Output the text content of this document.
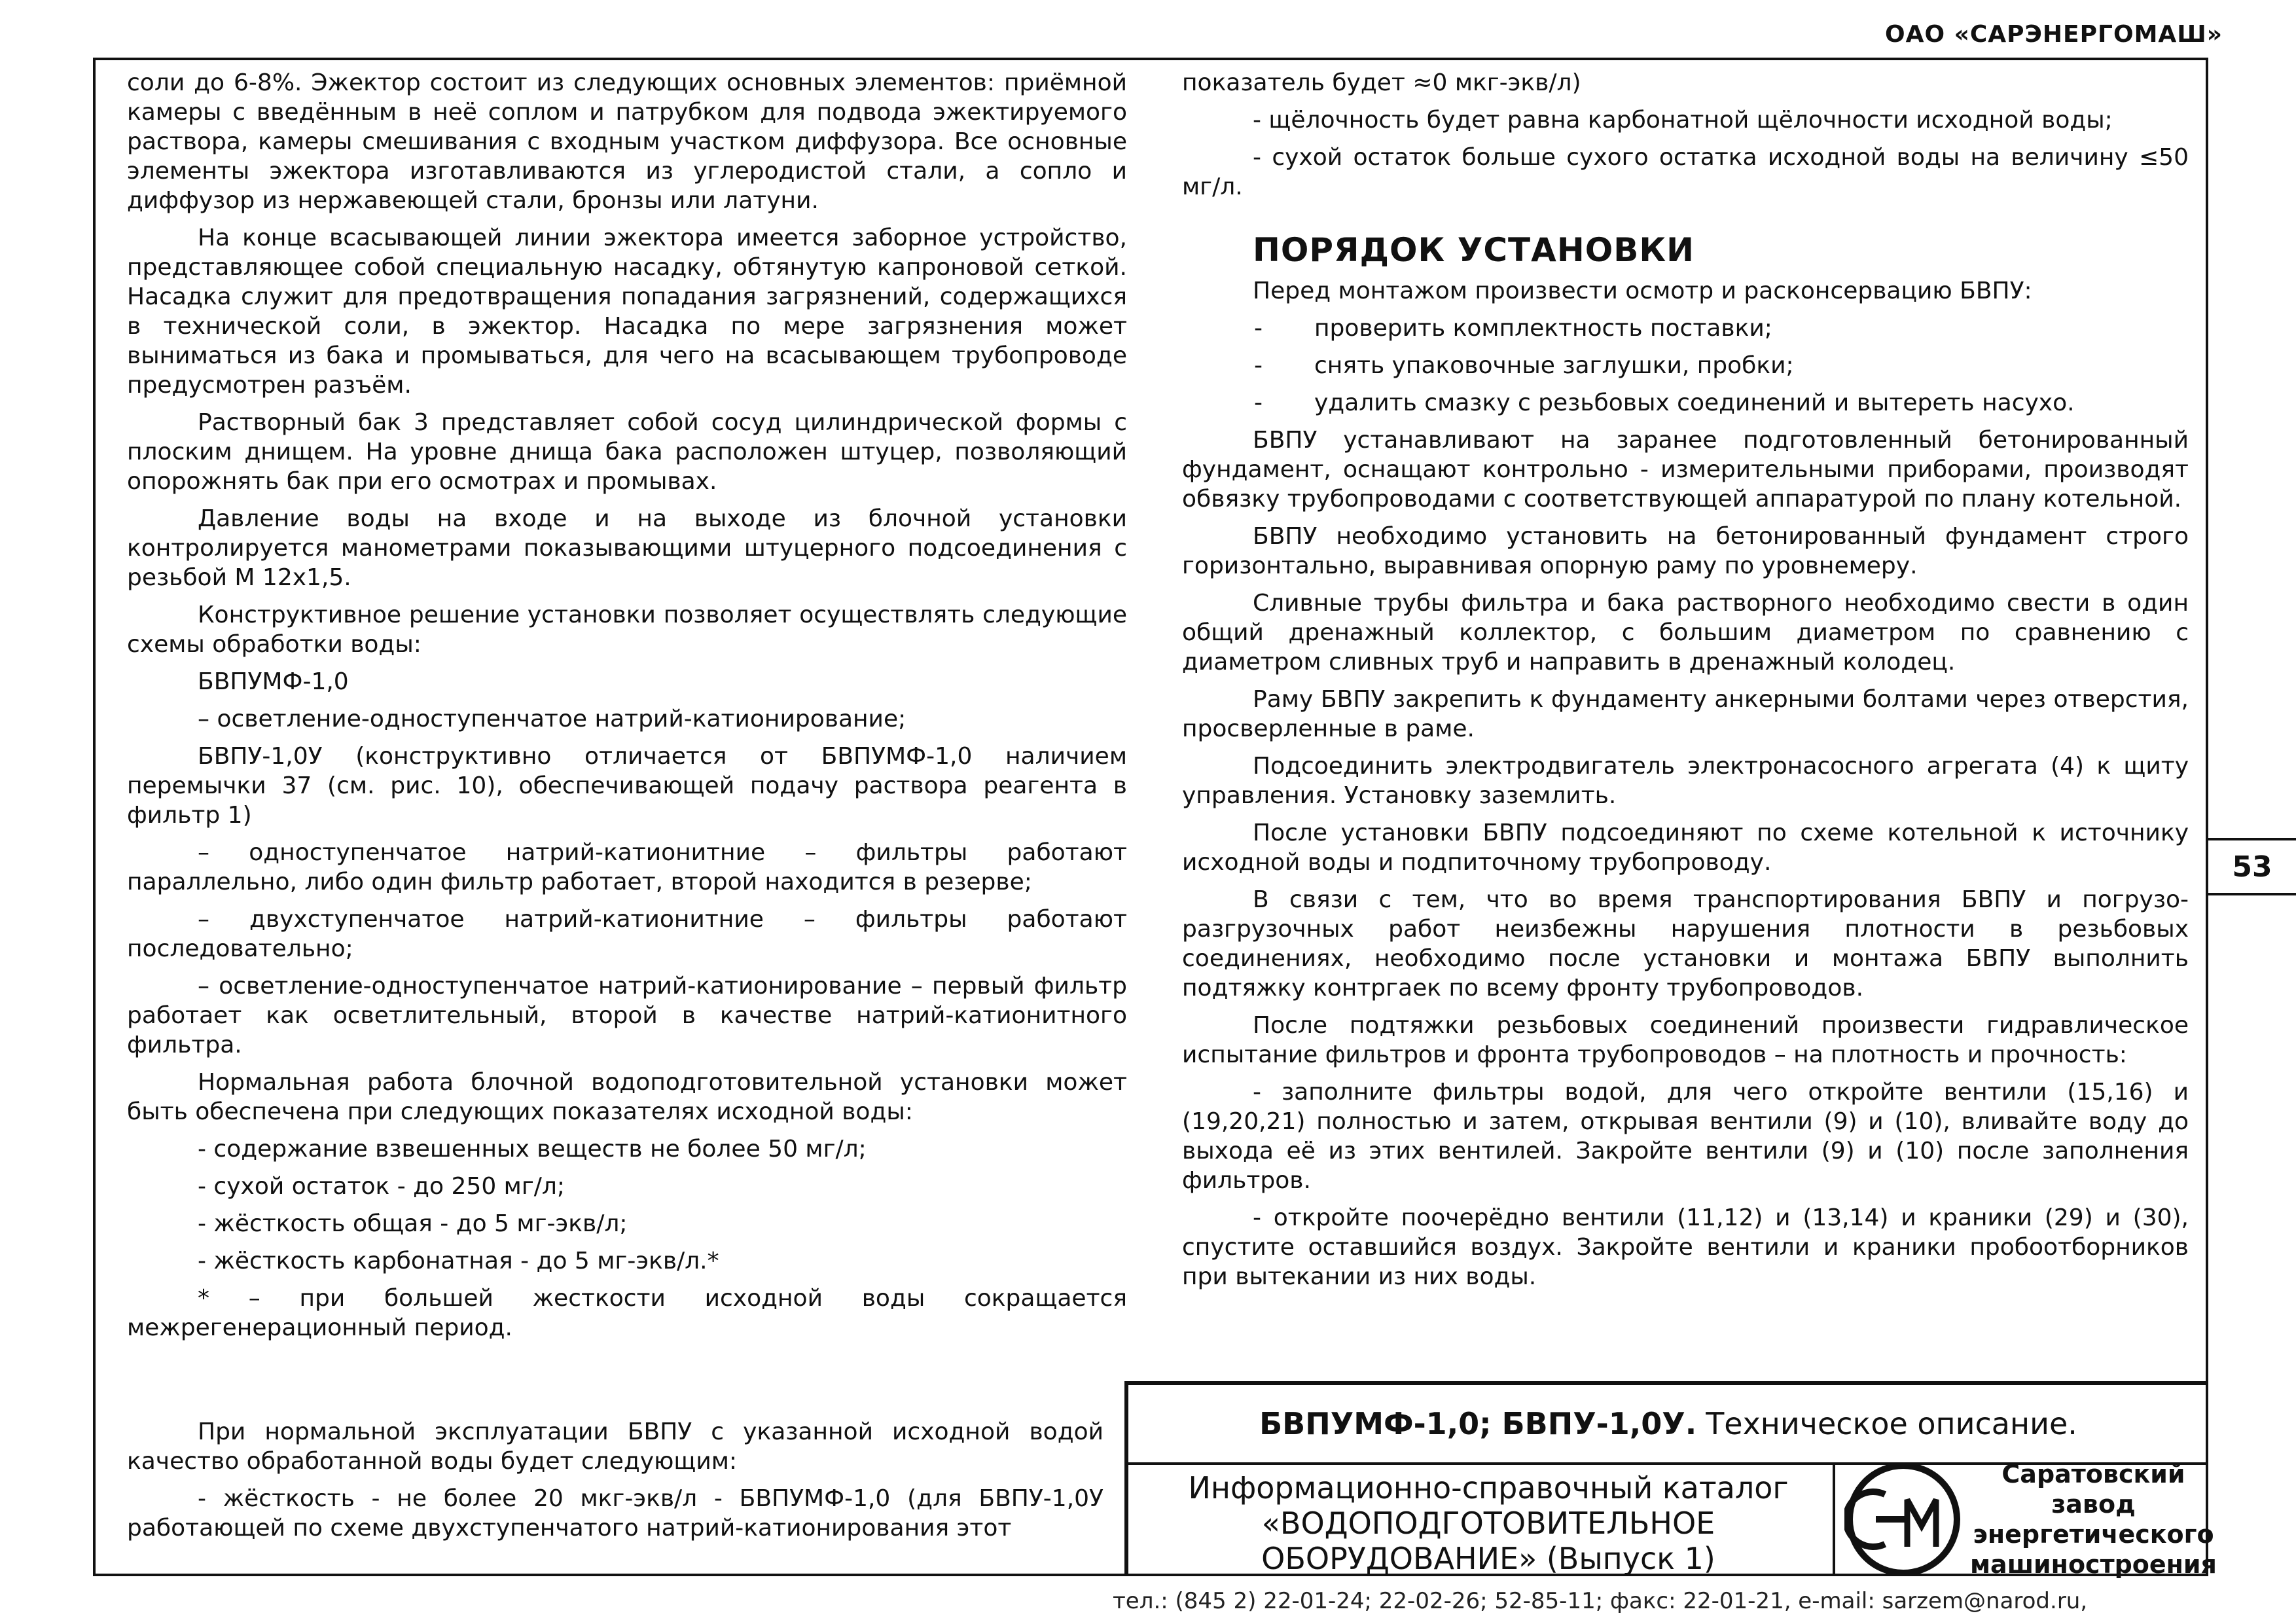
ОАО «САРЭНЕРГОМАШ»

соли до 6-8%. Эжектор состоит из следующих основных элементов: приёмной камеры с введённым в неё соплом и патрубком для подвода эжектируемого раствора, камеры смешивания с входным участком диффузора. Все основные элементы эжектора изготавливаются из углеродистой стали, а сопло и диффузор из нержавеющей стали, бронзы или латуни.

На конце всасывающей линии эжектора имеется заборное устройство, представляющее собой специальную насадку, обтянутую капроновой сеткой. Насадка служит для предотвращения попадания загрязнений, содержащихся в технической соли, в эжектор. Насадка по мере загрязнения может выниматься из бака и промываться, для чего на всасывающем трубопроводе предусмотрен разъём.

Растворный бак 3 представляет собой сосуд цилиндрической формы с плоским днищем. На уровне днища бака расположен штуцер, позволяющий опорожнять бак при его осмотрах и промывах.

Давление воды на входе и на выходе из блочной установки контролируется манометрами показывающими штуцерного подсоединения с резьбой М 12х1,5.

Конструктивное решение установки позволяет осуществлять следующие схемы обработки воды:

БВПУМФ-1,0

– осветление-одноступенчатое натрий-катионирование;

БВПУ-1,0У (конструктивно отличается от БВПУМФ-1,0 наличием перемычки 37 (см. рис. 10), обеспечивающей подачу раствора реагента в фильтр 1)

– одноступенчатое натрий-катионитние – фильтры работают параллельно, либо один фильтр работает, второй находится в резерве;

– двухступенчатое натрий-катионитние – фильтры работают последовательно;

– осветление-одноступенчатое натрий-катионирование – первый фильтр работает как осветлительный, второй в качестве натрий-катионитного фильтра.

Нормальная работа блочной водоподготовительной установки может быть обеспечена при следующих показателях исходной воды:

- содержание взвешенных веществ не более 50 мг/л;

- сухой остаток - до 250 мг/л;

- жёсткость общая - до 5 мг-экв/л;

- жёсткость карбонатная - до 5 мг-экв/л.*

* – при большей жесткости исходной воды сокращается межрегенерационный период.

При нормальной эксплуатации БВПУ с указанной исходной водой качество обработанной воды будет следующим:

- жёсткость - не более 20 мкг-экв/л - БВПУМФ-1,0 (для БВПУ-1,0У работающей по схеме двухступенчатого натрий-катионирования этот

показатель будет ≈0 мкг-экв/л)

- щёлочность будет равна карбонатной щёлочности исходной воды;

- сухой остаток больше сухого остатка исходной воды на величину ≤50 мг/л.

ПОРЯДОК УСТАНОВКИ

Перед монтажом произвести осмотр и расконсервацию БВПУ:

-	проверить комплектность поставки;
-	снять упаковочные заглушки, пробки;
-	удалить смазку с резьбовых соединений и вытереть насухо.

БВПУ устанавливают на заранее подготовленный бетонированный фундамент, оснащают контрольно - измерительными приборами, производят обвязку трубопроводами с соответствующей аппаратурой по плану котельной.

БВПУ необходимо установить на бетонированный фундамент строго горизонтально, выравнивая опорную раму по уровнемеру.

Сливные трубы фильтра и бака растворного необходимо свести в один общий дренажный коллектор, с большим диаметром по сравнению с диаметром сливных труб и направить в дренажный колодец.

Раму БВПУ закрепить к фундаменту анкерными болтами через отверстия, просверленные в раме.

Подсоединить электродвигатель электронасосного агрегата (4) к щиту управления. Установку заземлить.

После установки БВПУ подсоединяют по схеме котельной к источнику исходной воды и подпиточному трубопроводу.

В связи с тем, что во время транспортирования БВПУ и погрузо-разгрузочных работ неизбежны нарушения плотности в резьбовых соединениях, необходимо после установки и монтажа БВПУ выполнить подтяжку контргаек по всему фронту трубопроводов.

После подтяжки резьбовых соединений произвести гидравлическое испытание фильтров и фронта трубопроводов – на плотность и прочность:

- заполните фильтры водой, для чего откройте вентили (15,16) и (19,20,21) полностью и затем, открывая вентили (9) и (10), вливайте воду до выхода её из этих вентилей. Закройте вентили (9) и (10) после заполнения фильтров.

- откройте поочерёдно вентили (11,12) и (13,14) и краники (29) и (30), спустите оставшийся воздух. Закройте вентили и краники пробоотборников при вытекании из них воды.

53
БВПУМФ-1,0; БВПУ-1,0У. Техническое описание.
Информационно-справочный каталог
«ВОДОПОДГОТОВИТЕЛЬНОЕ
ОБОРУДОВАНИЕ» (Выпуск 1)
Саратовский завод
энергетического
машиностроения
тел.: (845 2) 22-01-24; 22-02-26; 52-85-11; факс: 22-01-21, e-mail: sarzem@narod.ru,
